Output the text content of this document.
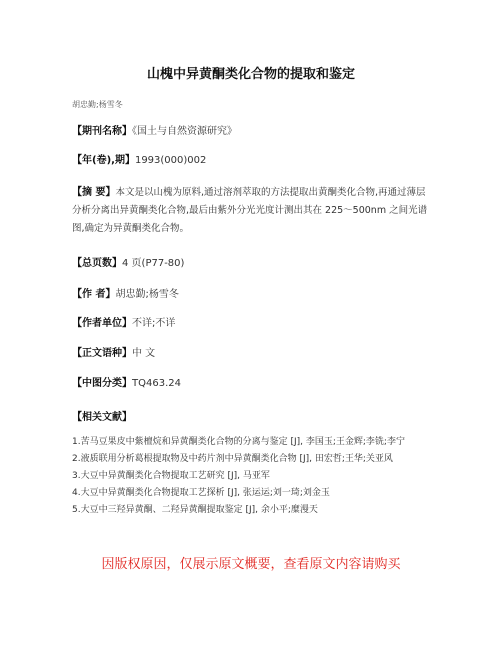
山槐中异黄酮类化合物的提取和鉴定
胡忠勤;杨雪冬
【期刊名称】《国土与自然资源研究》
【年(卷),期】1993(000)002
【摘 要】本文是以山槐为原料,通过溶剂萃取的方法提取出黄酮类化合物,再通过薄层分析分离出异黄酮类化合物,最后由紫外分光光度计测出其在 225～500nm 之间光谱图,确定为异黄酮类化合物。
【总页数】4 页(P77-80)
【作 者】胡忠勤;杨雪冬
【作者单位】不详;不详
【正文语种】中 文
【中图分类】TQ463.24
【相关文献】
1.苦马豆果皮中紫檀烷和异黄酮类化合物的分离与鉴定 [J], 李国玉;王金辉;李铣;李宁
2.液质联用分析葛根提取物及中药片剂中异黄酮类化合物 [J], 田宏哲;王华;关亚风
3.大豆中异黄酮类化合物提取工艺研究 [J], 马亚军
4.大豆中异黄酮类化合物提取工艺探析 [J], 张运运;刘一琦;刘金玉
5.大豆中三羟异黄酮、二羟异黄酮提取鉴定 [J], 余小平;糜漫天
因版权原因，仅展示原文概要，查看原文内容请购买
